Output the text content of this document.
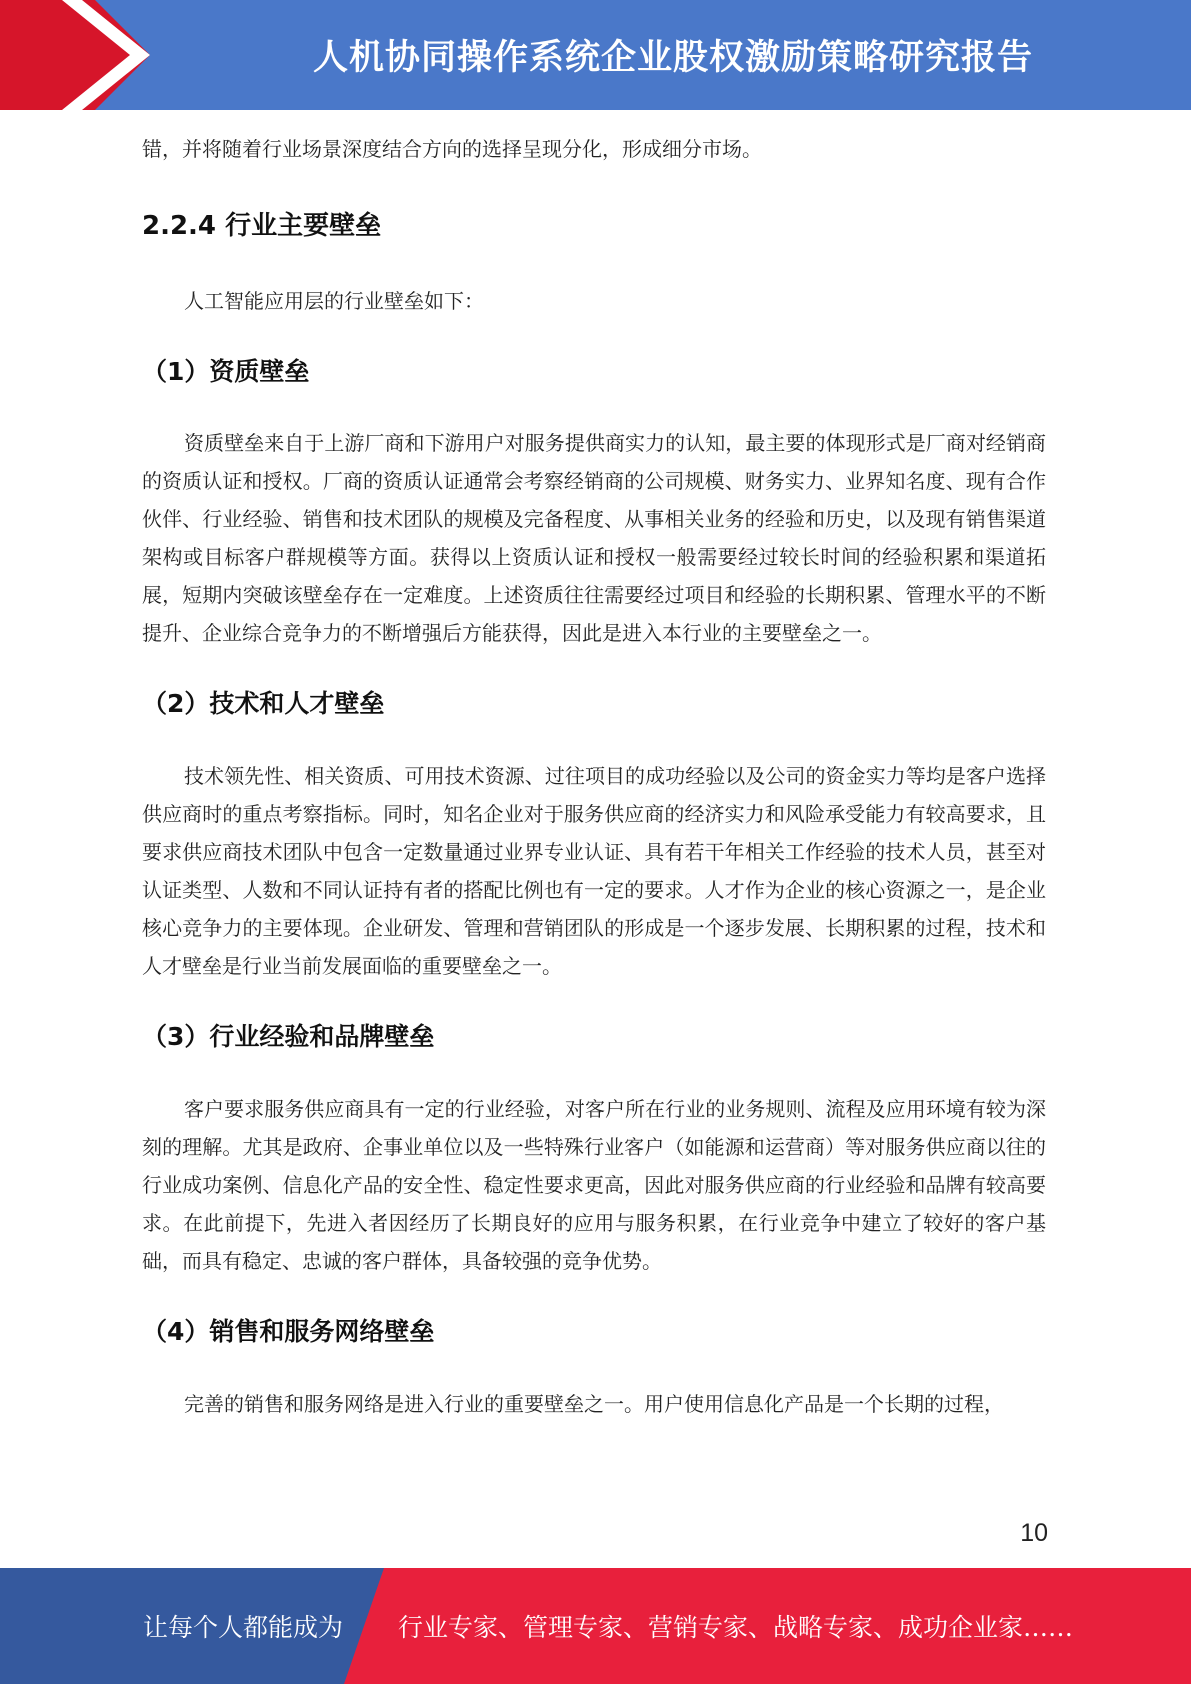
人机协同操作系统企业股权激励策略研究报告

错，并将随着行业场景深度结合方向的选择呈现分化，形成细分市场。

2.2.4 行业主要壁垒

人工智能应用层的行业壁垒如下：

（1）资质壁垒

资质壁垒来自于上游厂商和下游用户对服务提供商实力的认知，最主要的体现形式是厂商对经销商的资质认证和授权。厂商的资质认证通常会考察经销商的公司规模、财务实力、业界知名度、现有合作伙伴、行业经验、销售和技术团队的规模及完备程度、从事相关业务的经验和历史，以及现有销售渠道架构或目标客户群规模等方面。获得以上资质认证和授权一般需要经过较长时间的经验积累和渠道拓展，短期内突破该壁垒存在一定难度。上述资质往往需要经过项目和经验的长期积累、管理水平的不断提升、企业综合竞争力的不断增强后方能获得，因此是进入本行业的主要壁垒之一。

（2）技术和人才壁垒

技术领先性、相关资质、可用技术资源、过往项目的成功经验以及公司的资金实力等均是客户选择供应商时的重点考察指标。同时，知名企业对于服务供应商的经济实力和风险承受能力有较高要求，且要求供应商技术团队中包含一定数量通过业界专业认证、具有若干年相关工作经验的技术人员，甚至对认证类型、人数和不同认证持有者的搭配比例也有一定的要求。人才作为企业的核心资源之一，是企业核心竞争力的主要体现。企业研发、管理和营销团队的形成是一个逐步发展、长期积累的过程，技术和人才壁垒是行业当前发展面临的重要壁垒之一。

（3）行业经验和品牌壁垒

客户要求服务供应商具有一定的行业经验，对客户所在行业的业务规则、流程及应用环境有较为深刻的理解。尤其是政府、企事业单位以及一些特殊行业客户（如能源和运营商）等对服务供应商以往的行业成功案例、信息化产品的安全性、稳定性要求更高，因此对服务供应商的行业经验和品牌有较高要求。在此前提下，先进入者因经历了长期良好的应用与服务积累，在行业竞争中建立了较好的客户基础，而具有稳定、忠诚的客户群体，具备较强的竞争优势。

（4）销售和服务网络壁垒

完善的销售和服务网络是进入行业的重要壁垒之一。用户使用信息化产品是一个长期的过程，

10
让每个人都能成为 行业专家、管理专家、营销专家、战略专家、成功企业家……
